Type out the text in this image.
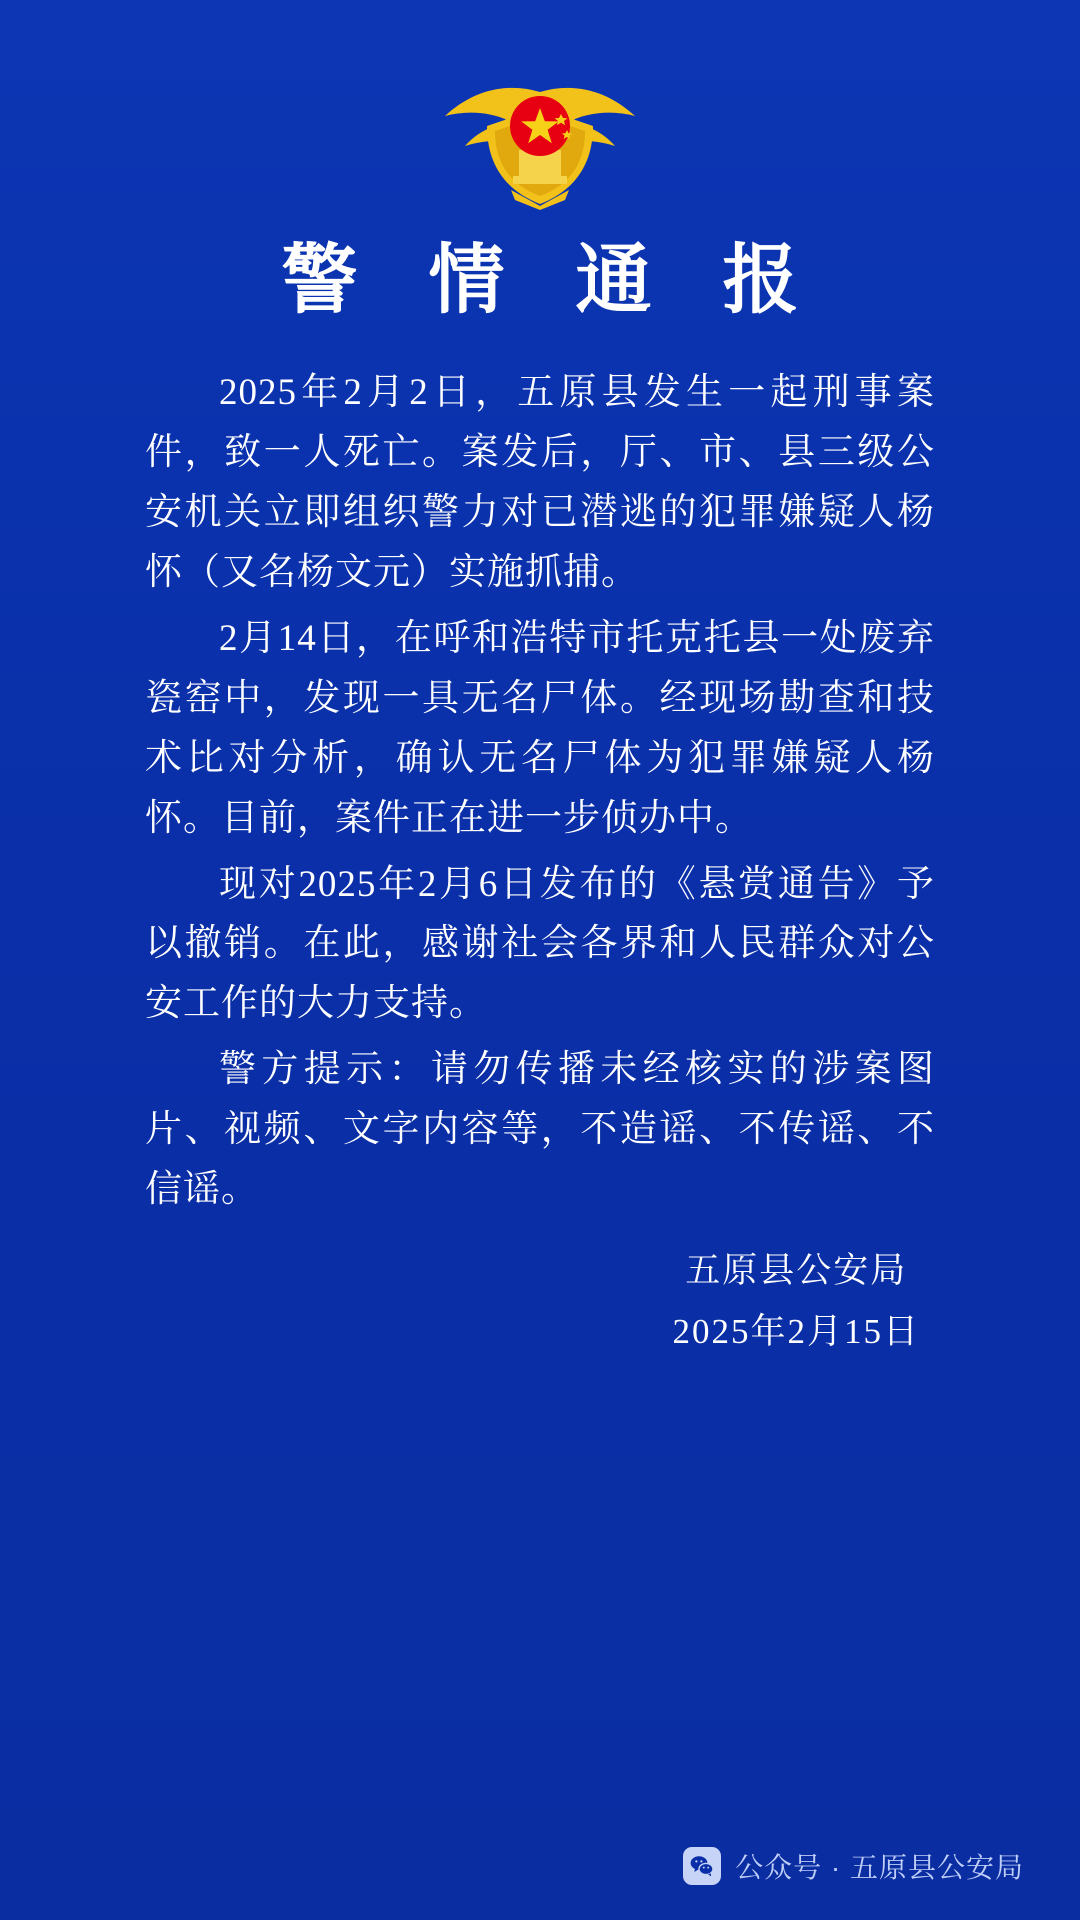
警 情 通 报

2025年2月2日，五原县发生一起刑事案件，致一人死亡。案发后，厅、市、县三级公安机关立即组织警力对已潜逃的犯罪嫌疑人杨怀（又名杨文元）实施抓捕。

2月14日，在呼和浩特市托克托县一处废弃瓷窑中，发现一具无名尸体。经现场勘查和技术比对分析，确认无名尸体为犯罪嫌疑人杨怀。目前，案件正在进一步侦办中。

现对2025年2月6日发布的《悬赏通告》予以撤销。在此，感谢社会各界和人民群众对公安工作的大力支持。

警方提示：请勿传播未经核实的涉案图片、视频、文字内容等，不造谣、不传谣、不信谣。

五原县公安局
2025年2月15日
公众号 · 五原县公安局
